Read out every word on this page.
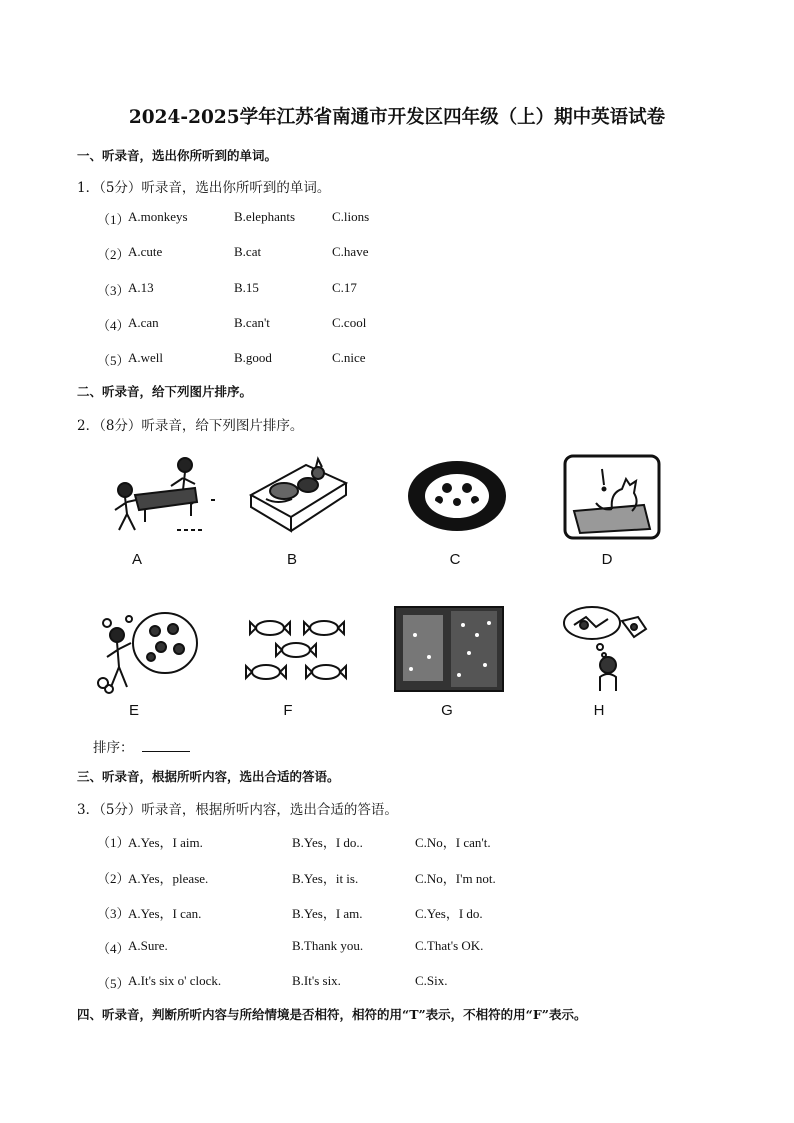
2024-2025学年江苏省南通市开发区四年级（上）期中英语试卷
一、听录音，选出你所听到的单词。
1．（5分）听录音，选出你所听到的单词。
（1）
A.monkeys	B.elephants	C.lions
（2）
A.cute	B.cat	C.have
（3）
A.13	B.15	C.17
（4）
A.can	B.can't	C.cool
（5）
A.well	B.good	C.nice
二、听录音，给下列图片排序。
2．（8分）听录音，给下列图片排序。
A	B	C	D
E	F	G	H
排序：
三、听录音，根据所听内容，选出合适的答语。
3．（5分）听录音，根据所听内容，选出合适的答语。
（1）
A.Yes，I aim.	B.Yes，I do..	C.No，I can't.
（2）
A.Yes，please.	B.Yes，it is.	C.No，I'm not.
（3）
A.Yes，I can.	B.Yes，I am.	C.Yes，I do.
（4）
A.Sure.	B.Thank you.	C.That's OK.
（5）
A.It's six o' clock.	B.It's six.	C.Six.
四、听录音，判断所听内容与所给情境是否相符，相符的用“T”表示，不相符的用“F”表示。
